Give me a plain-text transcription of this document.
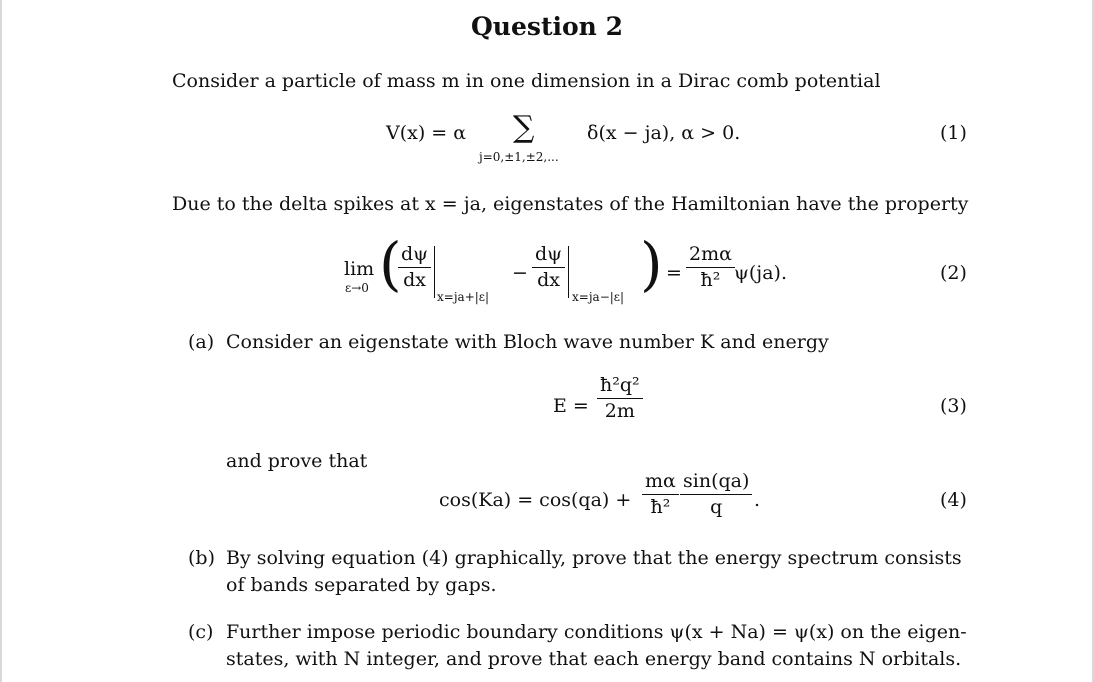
Question 2
Consider a particle of mass m in one dimension in a Dirac comb potential
V(x) = α ∑
j=0,±1,±2,...
δ(x − ja), α > 0.	(1)
Due to the delta spikes at x = ja, eigenstates of the Hamiltonian have the property
lim
ε→0 (
$\frac{d\psi}{dx}$
x=ja+|ε|
− $\frac{d\psi}{dx}$
x=ja−|ε| ) = $\frac{2m\alpha}{\text{ħ²}} \psi(ja)$.	(2)
(a) Consider an eigenstate with Bloch wave number K and energy
$E = \frac{\text{ħ²q²}}{2m}$	(3)
and prove that
$\cos(Ka) = \cos(qa) + \frac{m\alpha}{\text{ħ²}} \frac{\sin(qa)}{q}$ .	(4)
(b) By solving equation (4) graphically, prove that the energy spectrum consists
of bands separated by gaps.
(c) Further impose periodic boundary conditions ψ(x + Na) = ψ(x) on the eigen-
states, with N integer, and prove that each energy band contains N orbitals.
